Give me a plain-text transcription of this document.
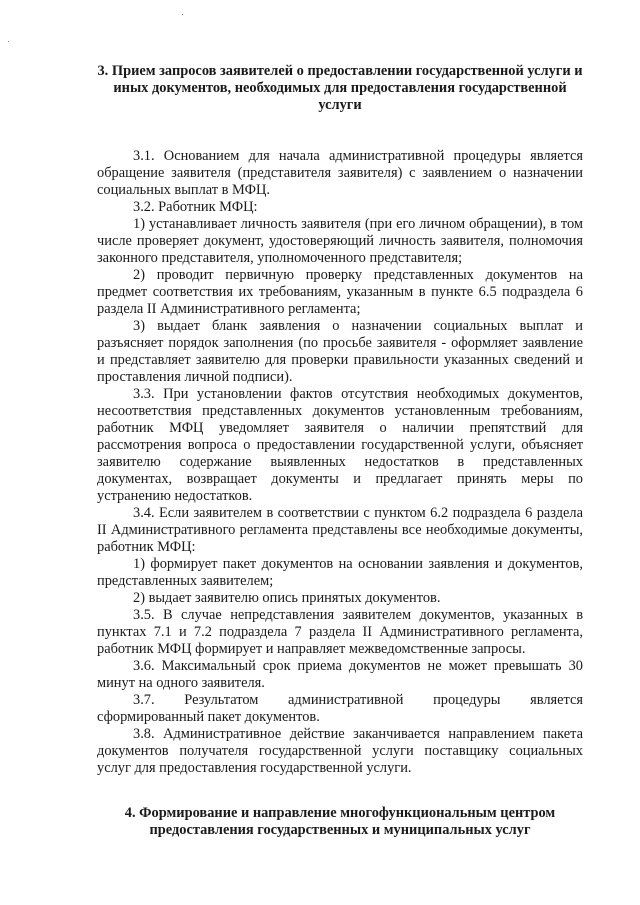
3. Прием запросов заявителей о предоставлении государственной услуги и иных документов, необходимых для предоставления государственной услуги

3.1. Основанием для начала административной процедуры является обращение заявителя (представителя заявителя) с заявлением о назначении социальных выплат в МФЦ.

3.2. Работник МФЦ:

1) устанавливает личность заявителя (при его личном обращении), в том числе проверяет документ, удостоверяющий личность заявителя, полномочия законного представителя, уполномоченного представителя;

2) проводит первичную проверку представленных документов на предмет соответствия их требованиям, указанным в пункте 6.5 подраздела 6 раздела II Административного регламента;

3) выдает бланк заявления о назначении социальных выплат и разъясняет порядок заполнения (по просьбе заявителя - оформляет заявление и представляет заявителю для проверки правильности указанных сведений и проставления личной подписи).

3.3. При установлении фактов отсутствия необходимых документов, несоответствия представленных документов установленным требованиям, работник МФЦ уведомляет заявителя о наличии препятствий для рассмотрения вопроса о предоставлении государственной услуги, объясняет заявителю содержание выявленных недостатков в представленных документах, возвращает документы и предлагает принять меры по устранению недостатков.

3.4. Если заявителем в соответствии с пунктом 6.2 подраздела 6 раздела II Административного регламента представлены все необходимые документы, работник МФЦ:

1) формирует пакет документов на основании заявления и документов, представленных заявителем;

2) выдает заявителю опись принятых документов.

3.5. В случае непредставления заявителем документов, указанных в пунктах 7.1 и 7.2 подраздела 7 раздела II Административного регламента, работник МФЦ формирует и направляет межведомственные запросы.

3.6. Максимальный срок приема документов не может превышать 30 минут на одного заявителя.

3.7. Результатом административной процедуры является сформированный пакет документов.

3.8. Административное действие заканчивается направлением пакета документов получателя государственной услуги поставщику социальных услуг для предоставления государственной услуги.

4. Формирование и направление многофункциональным центром предоставления государственных и муниципальных услуг
